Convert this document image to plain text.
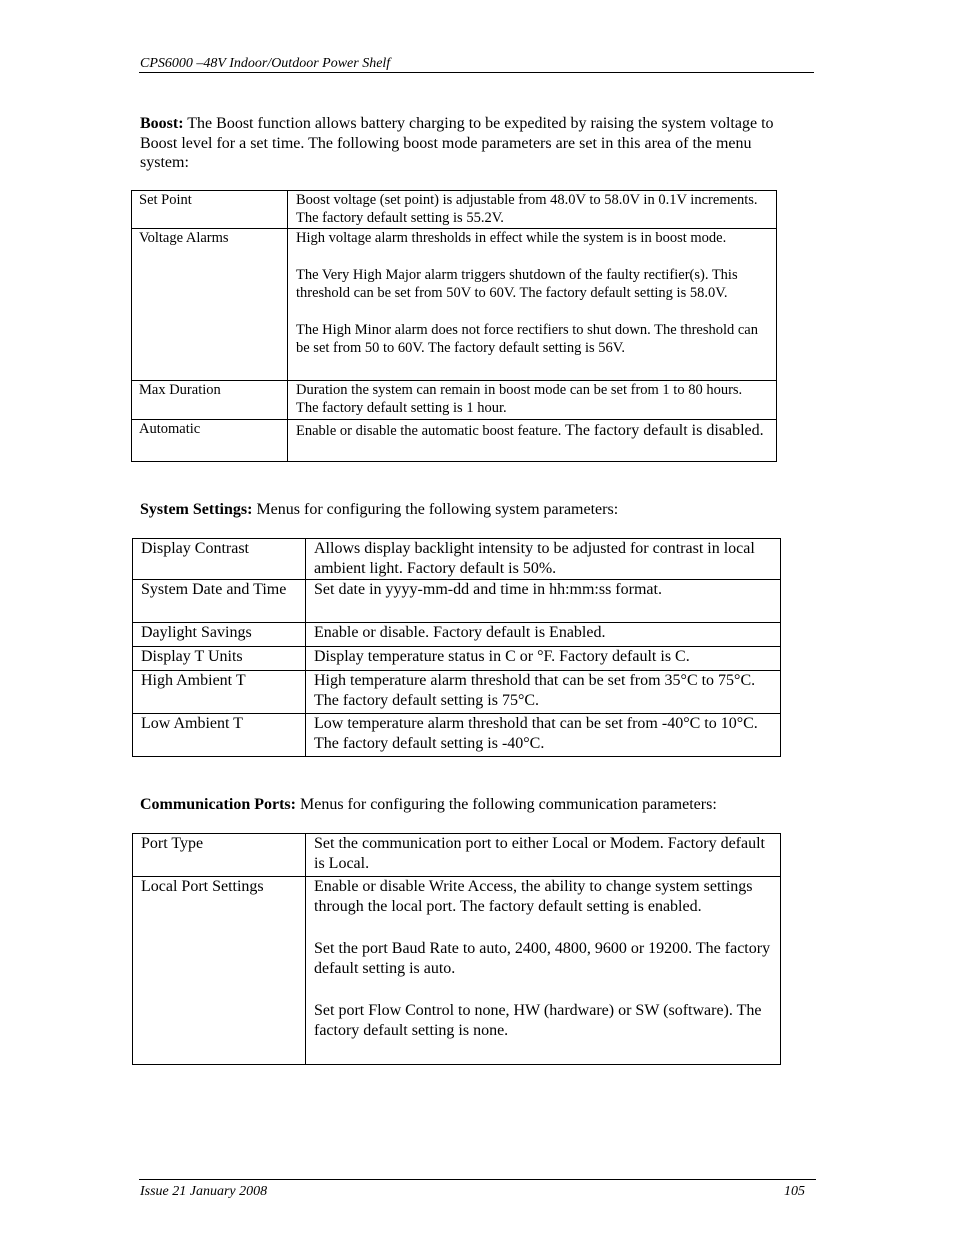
CPS6000 –48V Indoor/Outdoor Power Shelf
Boost: The Boost function allows battery charging to be expedited by raising the system voltage to Boost level for a set time. The following boost mode parameters are set in this area of the menu system:
Set Point	Boost voltage (set point) is adjustable from 48.0V to 58.0V in 0.1V increments. The factory default setting is 55.2V.

Voltage Alarms	High voltage alarm thresholds in effect while the system is in boost mode.

The Very High Major alarm triggers shutdown of the faulty rectifier(s). This threshold can be set from 50V to 60V. The factory default setting is 58.0V.

The High Minor alarm does not force rectifiers to shut down. The threshold can be set from 50 to 60V. The factory default setting is 56V.

Max Duration	Duration the system can remain in boost mode can be set from 1 to 80 hours. The factory default setting is 1 hour.

Automatic	Enable or disable the automatic boost feature. The factory default is disabled.
System Settings: Menus for configuring the following system parameters:
Display Contrast	Allows display backlight intensity to be adjusted for contrast in local ambient light. Factory default is 50%.
System Date and Time	Set date in yyyy-mm-dd and time in hh:mm:ss format.
Daylight Savings	Enable or disable. Factory default is Enabled.
Display T Units	Display temperature status in C or °F. Factory default is C.
High Ambient T	High temperature alarm threshold that can be set from 35°C to 75°C. The factory default setting is 75°C.
Low Ambient T	Low temperature alarm threshold that can be set from -40°C to 10°C. The factory default setting is -40°C.
Communication Ports: Menus for configuring the following communication parameters:
Port Type	Set the communication port to either Local or Modem. Factory default is Local.

Local Port Settings	Enable or disable Write Access, the ability to change system settings through the local port. The factory default setting is enabled.

Set the port Baud Rate to auto, 2400, 4800, 9600 or 19200. The factory default setting is auto.

Set port Flow Control to none, HW (hardware) or SW (software). The factory default setting is none.

Issue 21 January 2008	105
